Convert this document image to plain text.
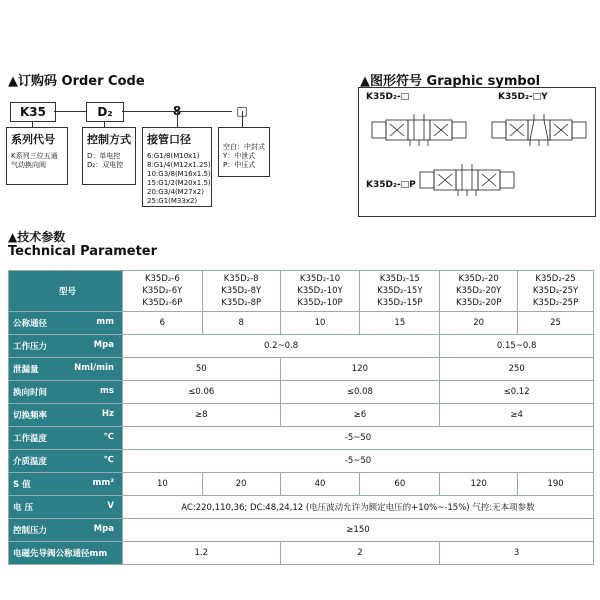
▲订购码 Order Code
K35	D₂	8	□
系列代号
K系列三位五通
气动换向阀
控制方式
D：单电控
D₂：双电控
接管口径
6:G1/8(M10x1)
8:G1/4(M12x1.25)
10:G3/8(M16x1.5)
15:G1/2(M20x1.5)
20:G3/4(M27x2)
25:G1(M33x2)
空白：中封式
Y：中泄式
P：中压式
▲图形符号 Graphic symbol
K35D₂-□	K35D₂-□Y
K35D₂-□P
▲技术参数
Technical Parameter
型号	K35D₂-6
K35D₂-6Y
K35D₂-6P	K35D₂-8
K35D₂-8Y
K35D₂-8P	K35D₂-10
K35D₂-10Y
K35D₂-10P	K35D₂-15
K35D₂-15Y
K35D₂-15P	K35D₂-20
K35D₂-20Y
K35D₂-20P	K35D₂-25
K35D₂-25Y
K35D₂-25P

公称通径 mm	6	8	10	15	20	25

工作压力 Mpa	0.2~0.8				0.15~0.8	

泄漏量 Nml/min	50		120		250	

换向时间 ms	≤0.06		≤0.08		≤0.12	

切换频率 Hz	≥8		≥6		≥4	

工作温度 ℃	-5~50					

介质温度 ℃	-5~50					

S 值 mm²	10	20	40	60	120	190

电 压 V	AC:220,110,36; DC:48,24,12 (电压波动允许为额定电压的+10%~-15%) 气控:无本项参数					

控制压力 Mpa	≥150					

电磁先导阀公称通径mm	1.2		2		3	
